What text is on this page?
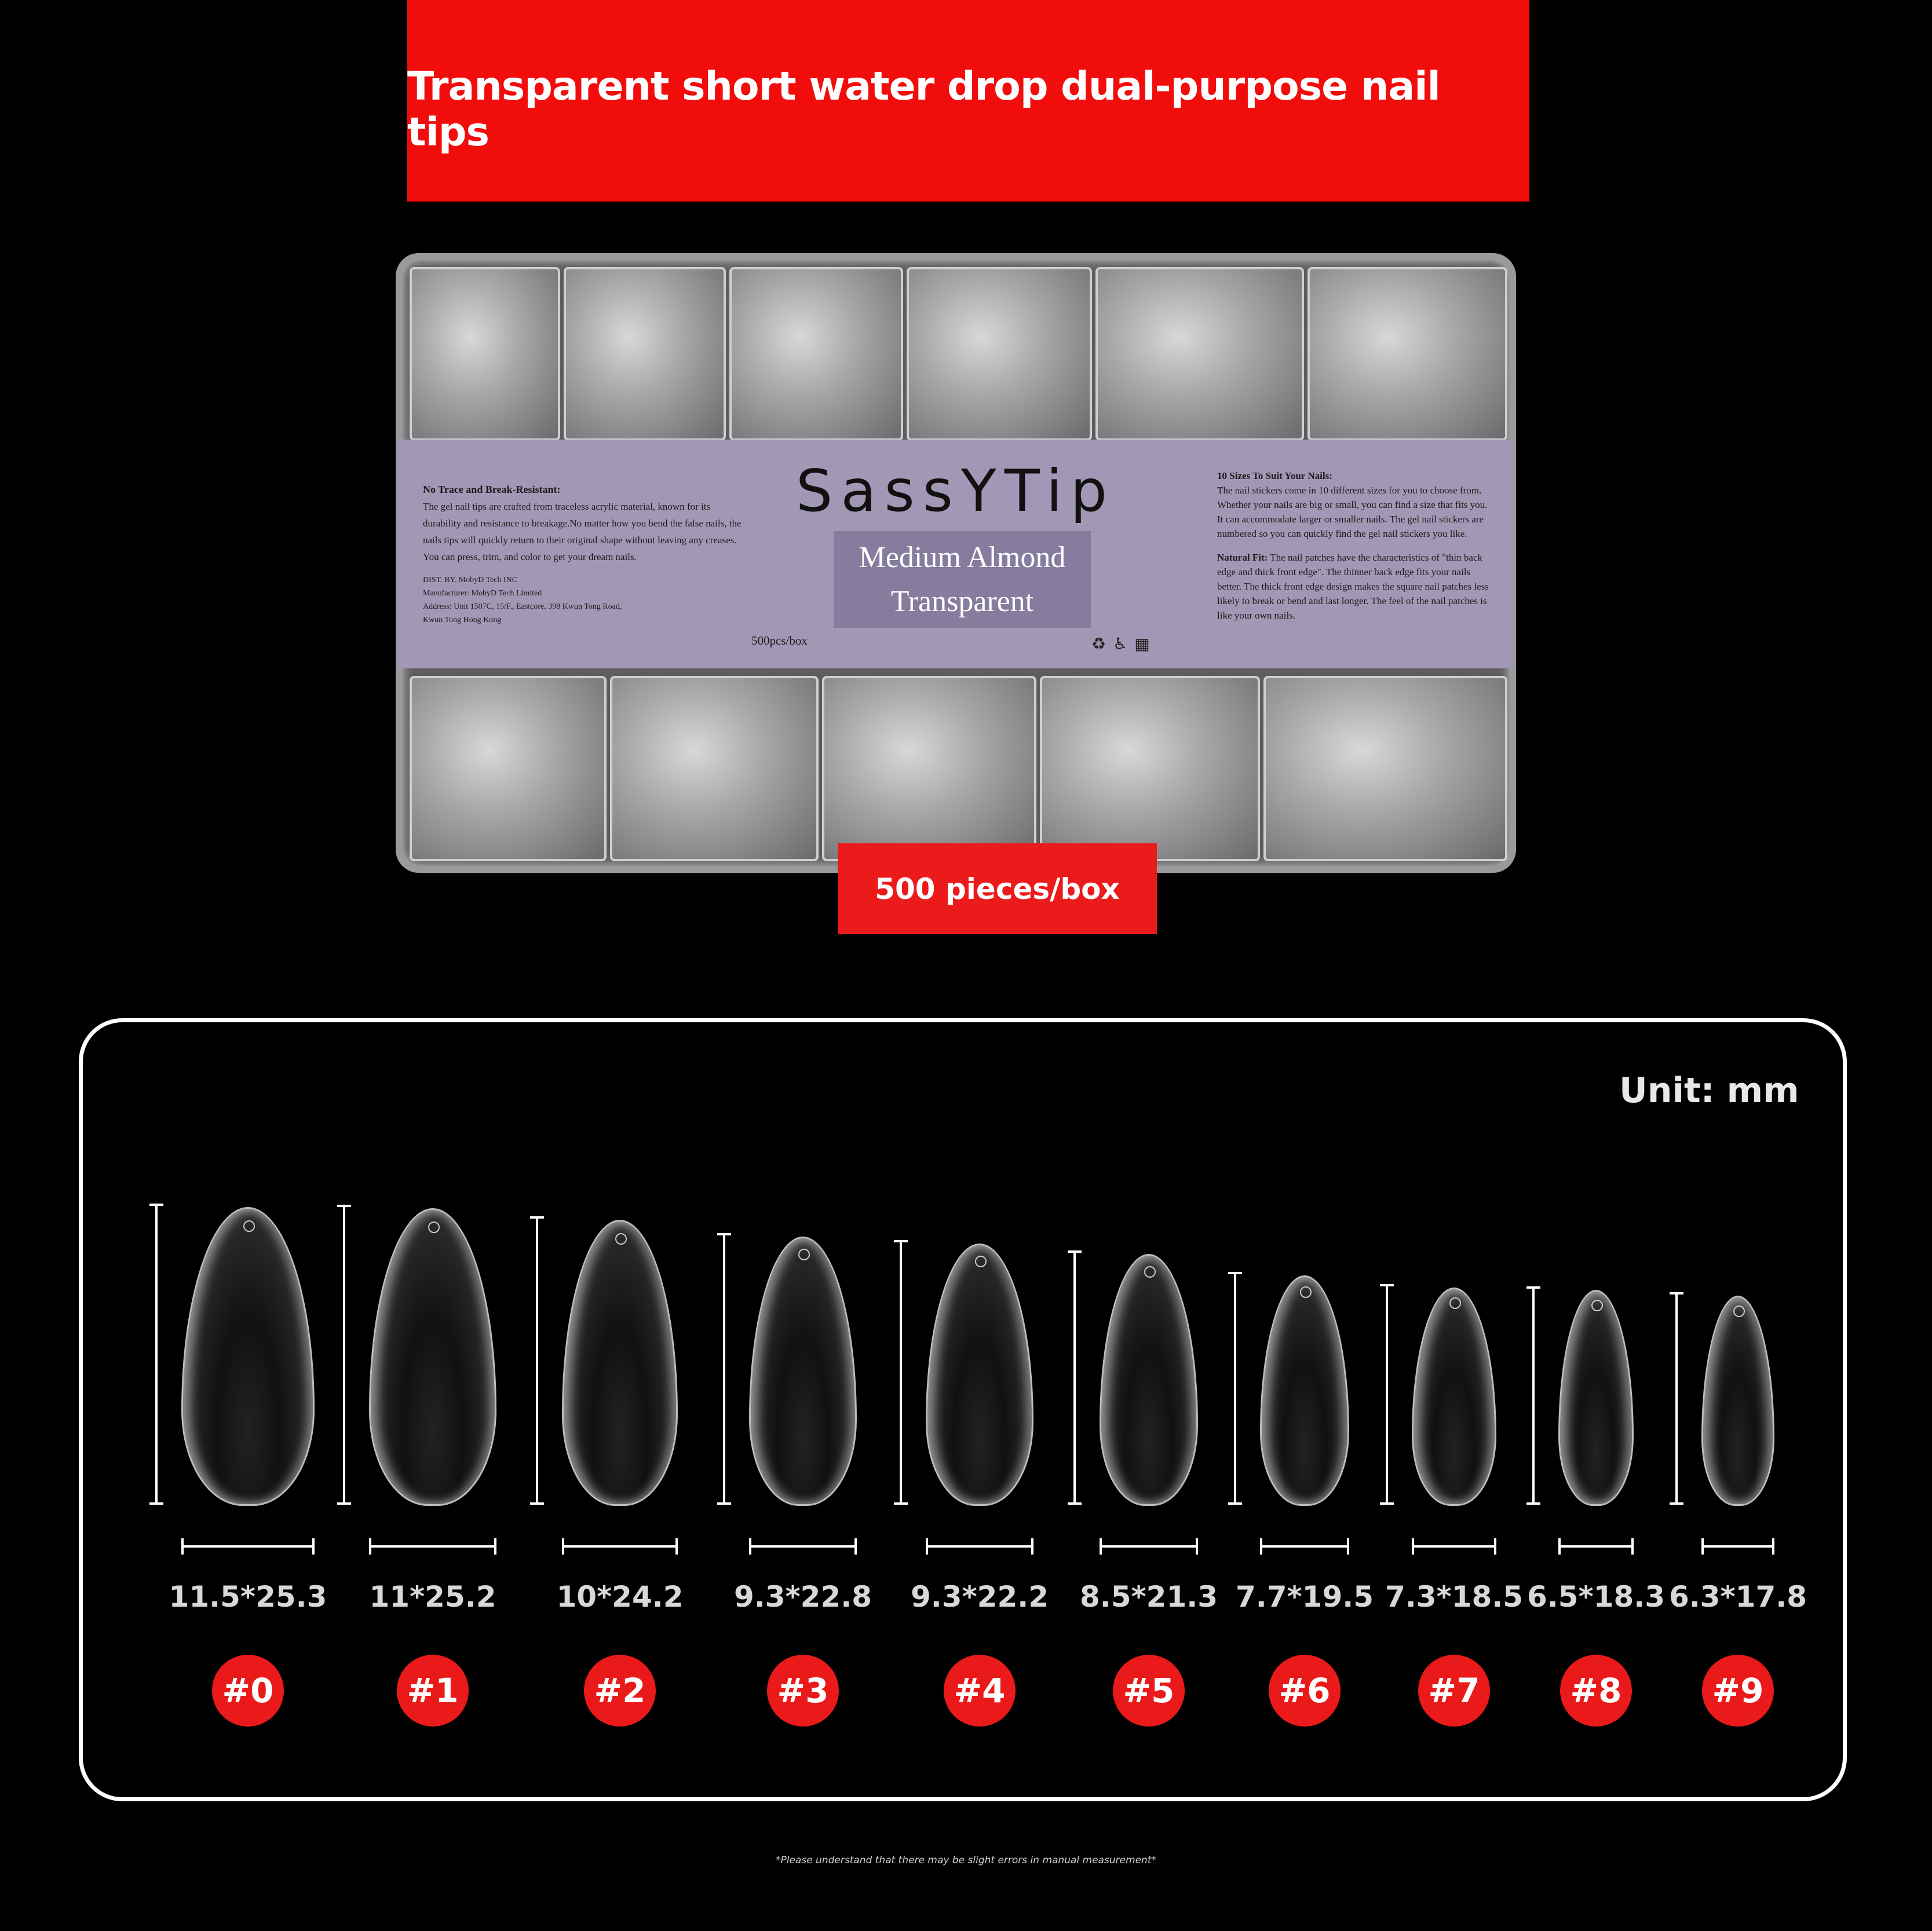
Transparent short water drop dual-purpose nail tips
No Trace and Break-Resistant:
The gel nail tips are crafted from traceless acrylic material, known for its durability and resistance to breakage.No matter how you bend the false nails, the nails tips will quickly return to their original shape without leaving any creases. You can press, trim, and color to get your dream nails.
DIST. BY. MobyD Tech INC
Manufacturer: MobyD Tech Limited
Address: Unit 1507C, 15/F., Eastcore, 398 Kwun Tong Road,
Kwun Tong Hong Kong
SassYTip
Medium Almond
Transparent
500pcs/box	♻ ♿ ▦

10 Sizes To Suit Your Nails:
The nail stickers come in 10 different sizes for you to choose from. Whether your nails are big or small, you can find a size that fits you. It can accommodate larger or smaller nails. The gel nail stickers are numbered so you can quickly find the gel nail stickers you like.

Natural Fit: The nail patches have the characteristics of "thin back edge and thick front edge". The thinner back edge fits your nails better. The thick front edge design makes the square nail patches less likely to break or bend and last longer. The feel of the nail patches is like your own nails.

500 pieces/box
Unit: mm
11.5*25.3
#0
11*25.2
#1
10*24.2
#2
9.3*22.8
#3
9.3*22.2
#4
8.5*21.3
#5
7.7*19.5
#6
7.3*18.5
#7
6.5*18.3
#8
6.3*17.8
#9
*Please understand that there may be slight errors in manual measurement*
